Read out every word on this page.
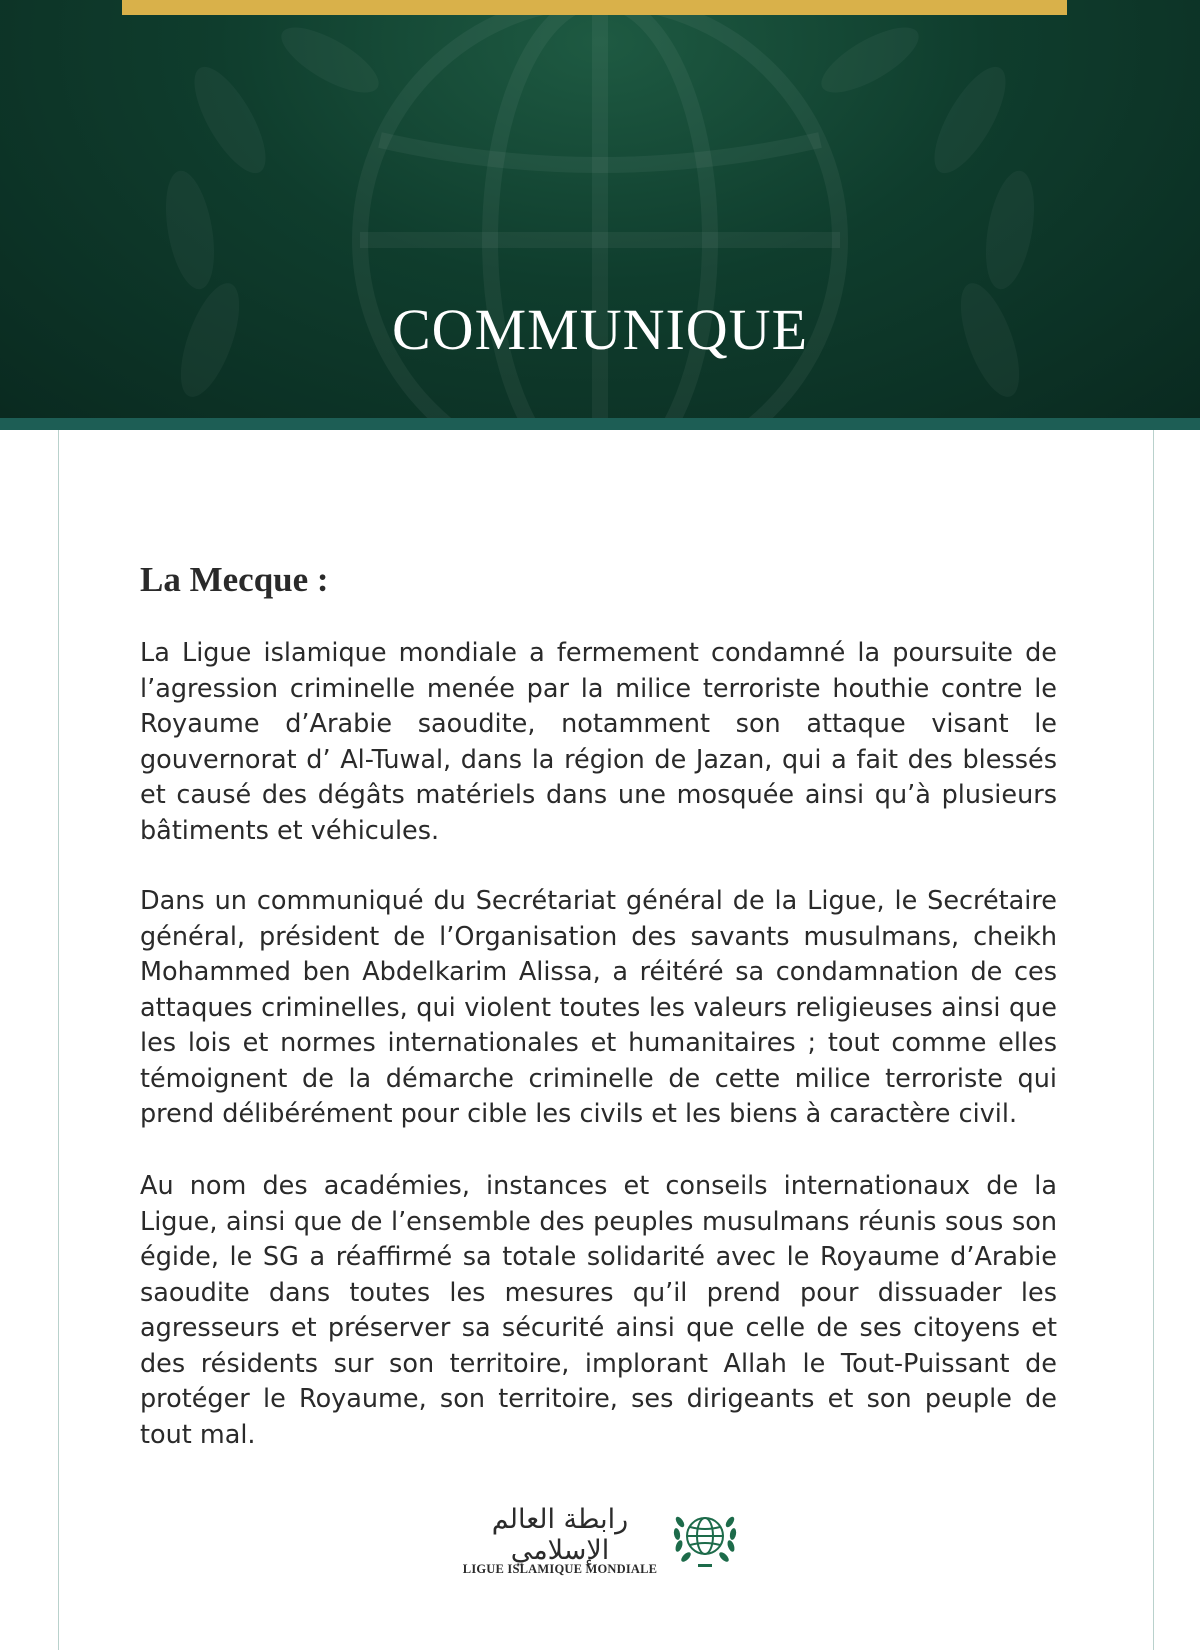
COMMUNIQUE
La Mecque :

La Ligue islamique mondiale a fermement condamné la poursuite de l’agression criminelle menée par la milice terroriste houthie contre le Royaume d’Arabie saoudite, notamment son attaque visant le gouvernorat d’ Al-Tuwal, dans la région de Jazan, qui a fait des blessés et causé des dégâts matériels dans une mosquée ainsi qu’à plusieurs bâtiments et véhicules.

Dans un communiqué du Secrétariat général de la Ligue, le Secrétaire général, président de l’Organisation des savants musulmans, cheikh Mohammed ben Abdelkarim Alissa, a réitéré sa condamnation de ces attaques criminelles, qui violent toutes les valeurs religieuses ainsi que les lois et normes internationales et humanitaires ; tout comme elles témoignent de la démarche criminelle de cette milice terroriste qui prend délibérément pour cible les civils et les biens à caractère civil.

Au nom des académies, instances et conseils internationaux de la Ligue, ainsi que de l’ensemble des peuples musulmans réunis sous son égide, le SG a réaffirmé sa totale solidarité avec le Royaume d’Arabie saoudite dans toutes les mesures qu’il prend pour dissuader les agresseurs et préserver sa sécurité ainsi que celle de ses citoyens et des résidents sur son territoire, implorant Allah le Tout-Puissant de protéger le Royaume, son territoire, ses dirigeants et son peuple de tout mal.

رابطة العالم الإسلامي
LIGUE ISLAMIQUE MONDIALE
